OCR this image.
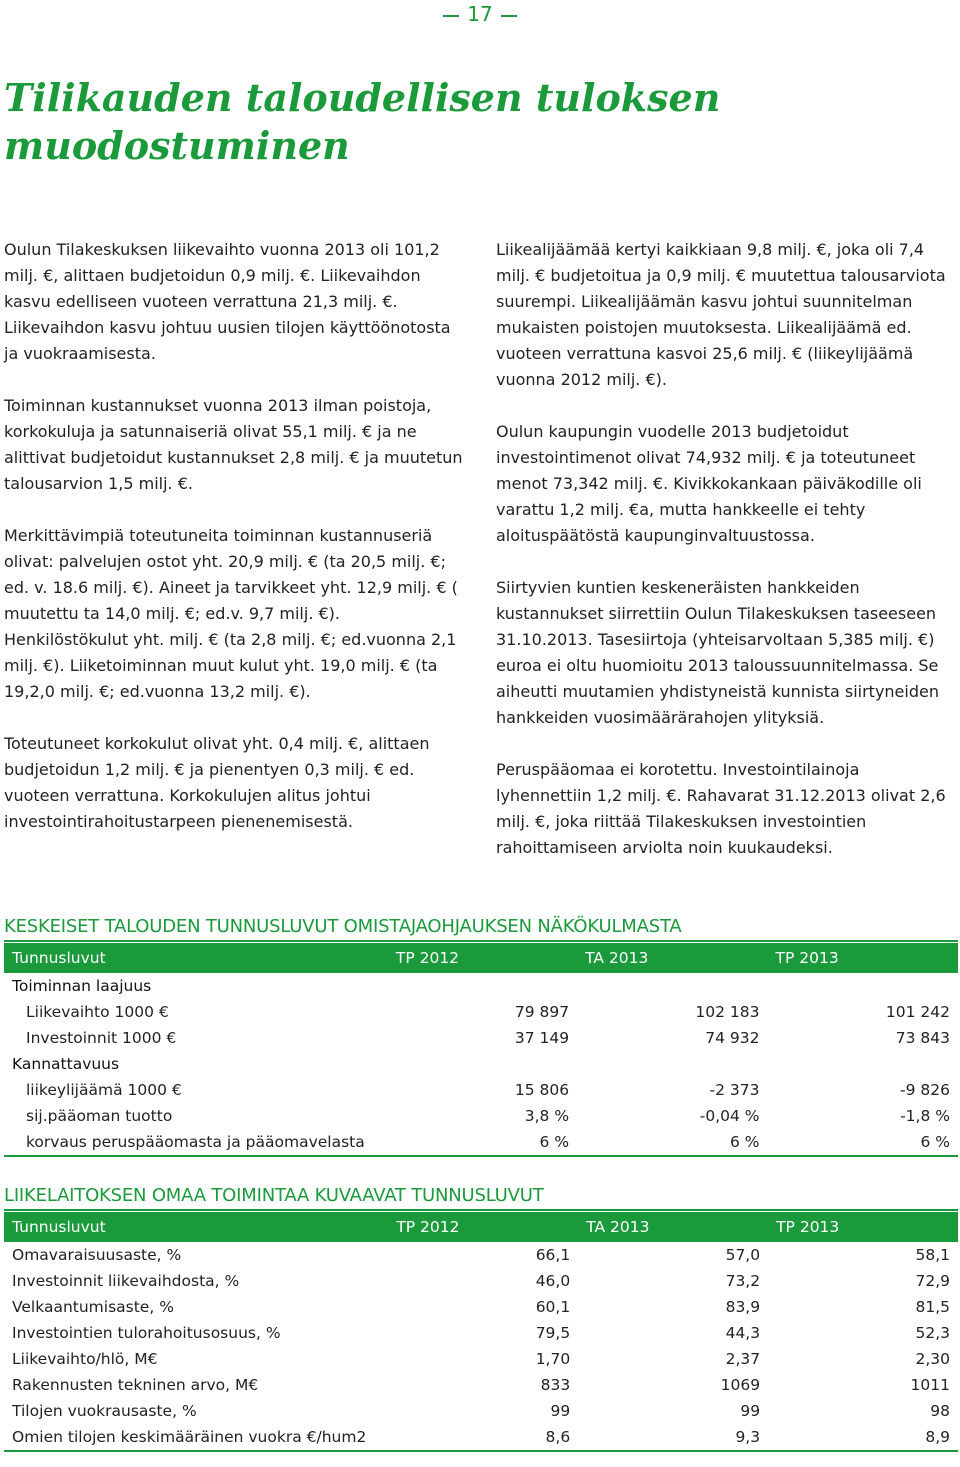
17
Tilikauden taloudellisen tuloksen muodostuminen

Oulun Tilakeskuksen liikevaihto vuonna 2013 oli 101,2 milj. €, alittaen budjetoidun 0,9 milj. €. Liikevaihdon kasvu edelliseen vuoteen verrattuna 21,3 milj. €. Liikevaihdon kasvu johtuu uusien tilojen käyttöönotosta ja vuokraamisesta.

Toiminnan kustannukset vuonna 2013 ilman poistoja, korkokuluja ja satunnaiseriä olivat 55,1 milj. € ja ne alittivat budjetoidut kustannukset 2,8 milj. € ja muutetun talousarvion 1,5 milj. €.

Merkittävimpiä toteutuneita toiminnan kustannuseriä olivat: palvelujen ostot yht. 20,9 milj. € (ta 20,5 milj. €; ed. v. 18.6 milj. €). Aineet ja tarvikkeet yht. 12,9 milj. € ( muutettu ta 14,0 milj. €; ed.v. 9,7 milj. €). Henkilöstökulut yht. milj. € (ta 2,8 milj. €; ed.vuonna 2,1 milj. €). Liiketoiminnan muut kulut yht. 19,0 milj. € (ta 19,2,0 milj. €; ed.vuonna 13,2 milj. €).

Toteutuneet korkokulut olivat yht. 0,4 milj. €, alittaen budjetoidun 1,2 milj. € ja pienentyen 0,3 milj. € ed. vuoteen verrattuna. Korkokulujen alitus johtui investointirahoitustarpeen pienenemisestä.

Liikealijäämää kertyi kaikkiaan 9,8 milj. €, joka oli 7,4 milj. € budjetoitua ja 0,9 milj. € muutettua talousarviota suurempi. Liikealijäämän kasvu johtui suunnitelman mukaisten poistojen muutoksesta. Liikealijäämä ed. vuoteen verrattuna kasvoi 25,6 milj. € (liikeylijäämä vuonna 2012 milj. €).

Oulun kaupungin vuodelle 2013 budjetoidut investointimenot olivat 74,932 milj. € ja toteutuneet menot 73,342 milj. €. Kivikkokankaan päiväkodille oli varattu 1,2 milj. €a, mutta hankkeelle ei tehty aloituspäätöstä kaupunginvaltuustossa.

Siirtyvien kuntien keskeneräisten hankkeiden kustannukset siirrettiin Oulun Tilakeskuksen taseeseen 31.10.2013. Tasesiirtoja (yhteisarvoltaan 5,385 milj. €) euroa ei oltu huomioitu 2013 taloussuunnitelmassa. Se aiheutti muutamien yhdistyneistä kunnista siirtyneiden hankkeiden vuosimäärärahojen ylityksiä.

Peruspääomaa ei korotettu. Investointilainoja lyhennettiin 1,2 milj. €. Rahavarat 31.12.2013 olivat 2,6 milj. €, joka riittää Tilakeskuksen investointien rahoittamiseen arviolta noin kuukaudeksi.

KESKEISET TALOUDEN TUNNUSLUVUT OMISTAJAOHJAUKSEN NÄKÖKULMASTA
Tunnusluvut	TP 2012	TA 2013	TP 2013
Toiminnan laajuus			
Liikevaihto 1000 €	79 897	102 183	101 242
Investoinnit 1000 €	37 149	74 932	73 843
Kannattavuus			
liikeylijäämä 1000 €	15 806	-2 373	-9 826
sij.pääoman tuotto	3,8 %	-0,04 %	-1,8 %
korvaus peruspääomasta ja pääomavelasta	6 %	6 %	6 %
LIIKELAITOKSEN OMAA TOIMINTAA KUVAAVAT TUNNUSLUVUT
Tunnusluvut	TP 2012	TA 2013	TP 2013
Omavaraisuusaste, %	66,1	57,0	58,1
Investoinnit liikevaihdosta, %	46,0	73,2	72,9
Velkaantumisaste, %	60,1	83,9	81,5
Investointien tulorahoitusosuus, %	79,5	44,3	52,3
Liikevaihto/hlö, M€	1,70	2,37	2,30
Rakennusten tekninen arvo, M€	833	1069	1011
Tilojen vuokrausaste, %	99	99	98
Omien tilojen keskimääräinen vuokra €/hum2	8,6	9,3	8,9
